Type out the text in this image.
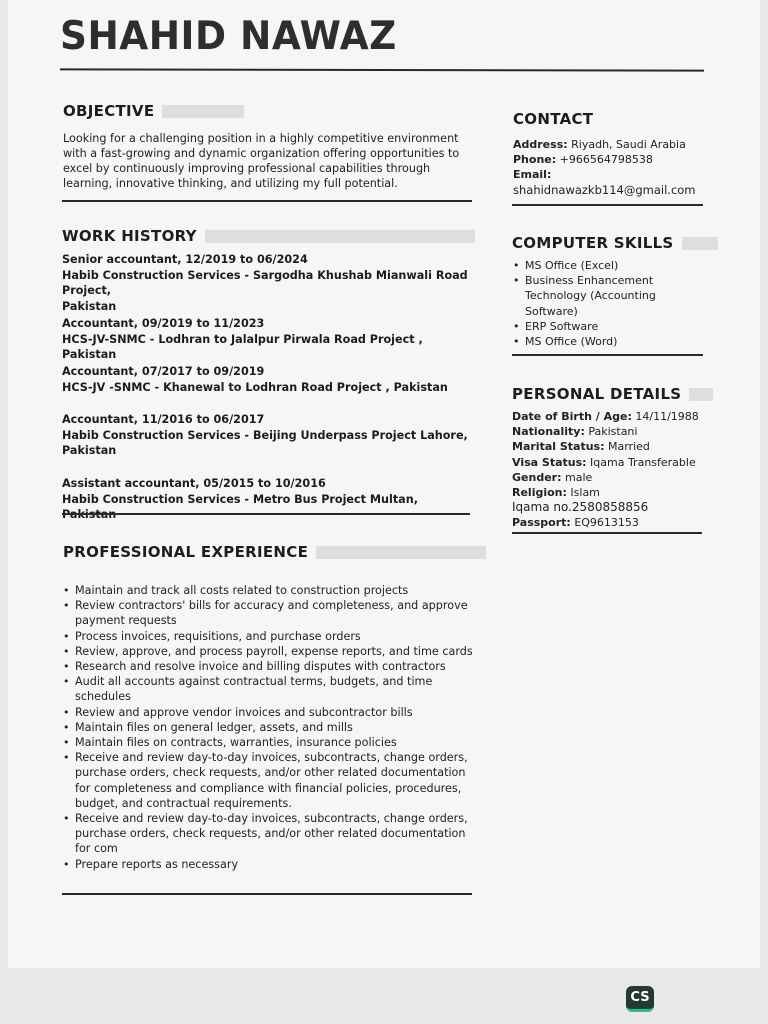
SHAHID NAWAZ
OBJECTIVE
Looking for a challenging position in a highly competitive environment
with a fast-growing and dynamic organization offering opportunities to
excel by continuously improving professional capabilities through
learning, innovative thinking, and utilizing my full potential.
WORK HISTORY
Senior accountant, 12/2019 to 06/2024
Habib Construction Services - Sargodha Khushab Mianwali Road Project,
Pakistan
Accountant, 09/2019 to 11/2023
HCS-JV-SNMC - Lodhran to Jalalpur Pirwala Road Project , Pakistan
Accountant, 07/2017 to 09/2019
HCS-JV -SNMC - Khanewal to Lodhran Road Project , Pakistan
Accountant, 11/2016 to 06/2017
Habib Construction Services - Beijing Underpass Project Lahore,
Pakistan
Assistant accountant, 05/2015 to 10/2016
Habib Construction Services - Metro Bus Project Multan, Pakistan
PROFESSIONAL EXPERIENCE
• Maintain and track all costs related to construction projects
• Review contractors' bills for accuracy and completeness, and approve
payment requests
• Process invoices, requisitions, and purchase orders
• Review, approve, and process payroll, expense reports, and time cards
• Research and resolve invoice and billing disputes with contractors
• Audit all accounts against contractual terms, budgets, and time
schedules
• Review and approve vendor invoices and subcontractor bills
• Maintain files on general ledger, assets, and mills
• Maintain files on contracts, warranties, insurance policies
• Receive and review day-to-day invoices, subcontracts, change orders,
purchase orders, check requests, and/or other related documentation
for completeness and compliance with financial policies, procedures,
budget, and contractual requirements.
• Receive and review day-to-day invoices, subcontracts, change orders,
purchase orders, check requests, and/or other related documentation
for com
• Prepare reports as necessary
CONTACT
Address: Riyadh, Saudi Arabia
Phone: +966564798538
Email:
shahidnawazkb114@gmail.com
COMPUTER SKILLS
• MS Office (Excel)
• Business Enhancement
Technology (Accounting
Software)
• ERP Software
• MS Office (Word)
PERSONAL DETAILS
Date of Birth / Age: 14/11/1988
Nationality: Pakistani
Marital Status: Married
Visa Status: Iqama Transferable
Gender: male
Religion: Islam
Iqama no.2580858856
Passport: EQ9613153
CS
